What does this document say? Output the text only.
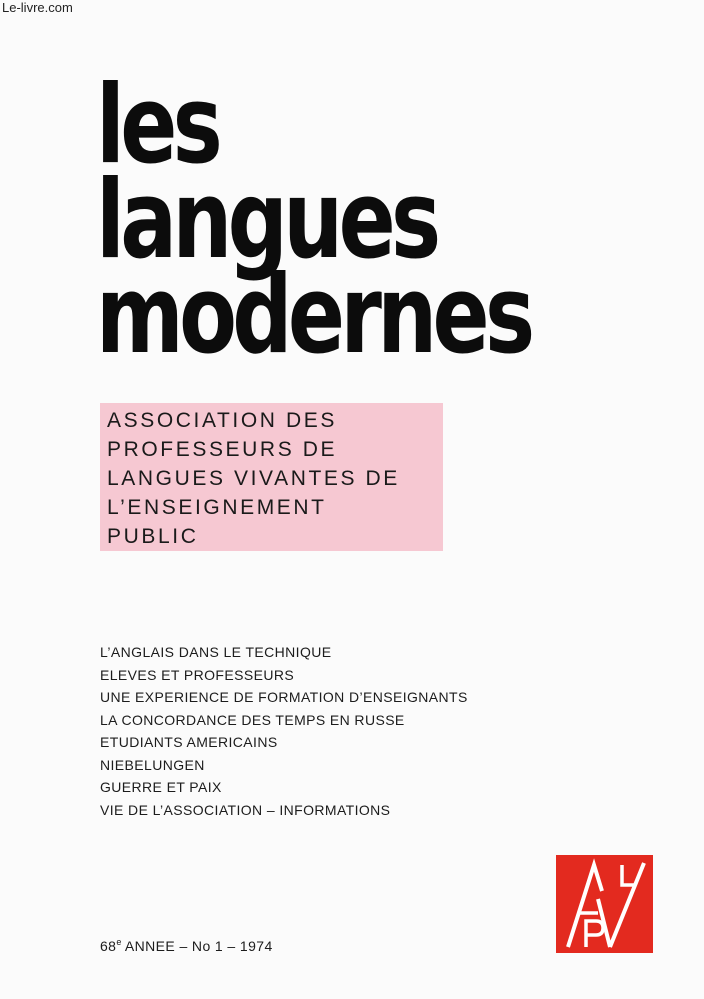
Le-livre.com
les
langues
modernes
ASSOCIATION DES
PROFESSEURS DE
LANGUES VIVANTES DE
L’ENSEIGNEMENT
PUBLIC
L’ANGLAIS DANS LE TECHNIQUE
ELEVES ET PROFESSEURS
UNE EXPERIENCE DE FORMATION D’ENSEIGNANTS
LA CONCORDANCE DES TEMPS EN RUSSE
ETUDIANTS AMERICAINS
NIEBELUNGEN
GUERRE ET PAIX
VIE DE L’ASSOCIATION – INFORMATIONS
68e ANNEE – No 1 – 1974
